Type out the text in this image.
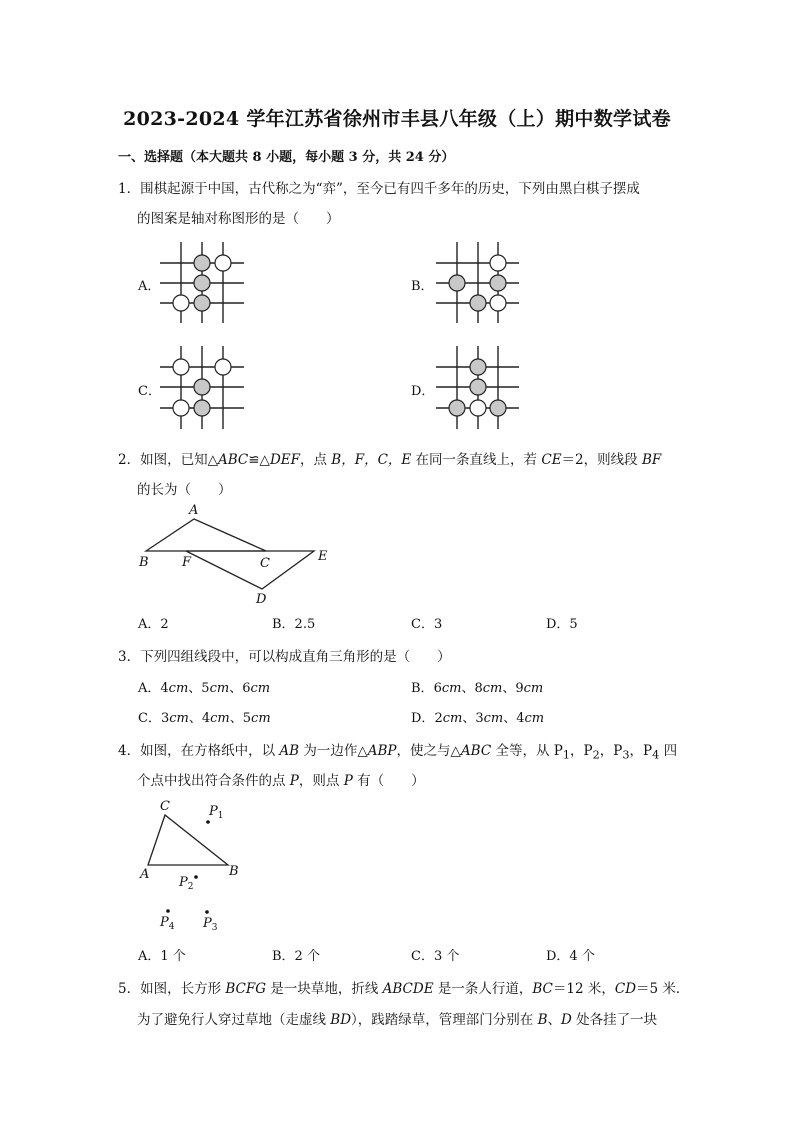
2023-2024 学年江苏省徐州市丰县八年级（上）期中数学试卷
一、选择题（本大题共 8 小题，每小题 3 分，共 24 分）
1．围棋起源于中国，古代称之为“弈”，至今已有四千多年的历史，下列由黑白棋子摆成
的图案是轴对称图形的是（　　）
A．	B．
C．	D．
A
B	F	C	E
D
C
A	B
$P_1$
$P_2$
$P_4$ $P_3$
2．如图，已知△ABC≌△DEF，点 B，F，C，E 在同一条直线上，若 CE＝2，则线段 BF
的长为（　　）
A．2	B．2.5	C．3	D．5
3．下列四组线段中，可以构成直角三角形的是（　　）
A．4cm、5cm、6cm	B．6cm、8cm、9cm
C．3cm、4cm、5cm	D．2cm、3cm、4cm
4．如图，在方格纸中，以 AB 为一边作△ABP，使之与△ABC 全等，从 $P_1$，$P_2$，$P_3$，$P_4$ 四
个点中找出符合条件的点 P，则点 P 有（　　）
A．1 个	B．2 个	C．3 个	D．4 个
5．如图，长方形 BCFG 是一块草地，折线 ABCDE 是一条人行道，BC＝12 米，CD＝5 米．
为了避免行人穿过草地（走虚线 BD），践踏绿草，管理部门分别在 B、D 处各挂了一块
